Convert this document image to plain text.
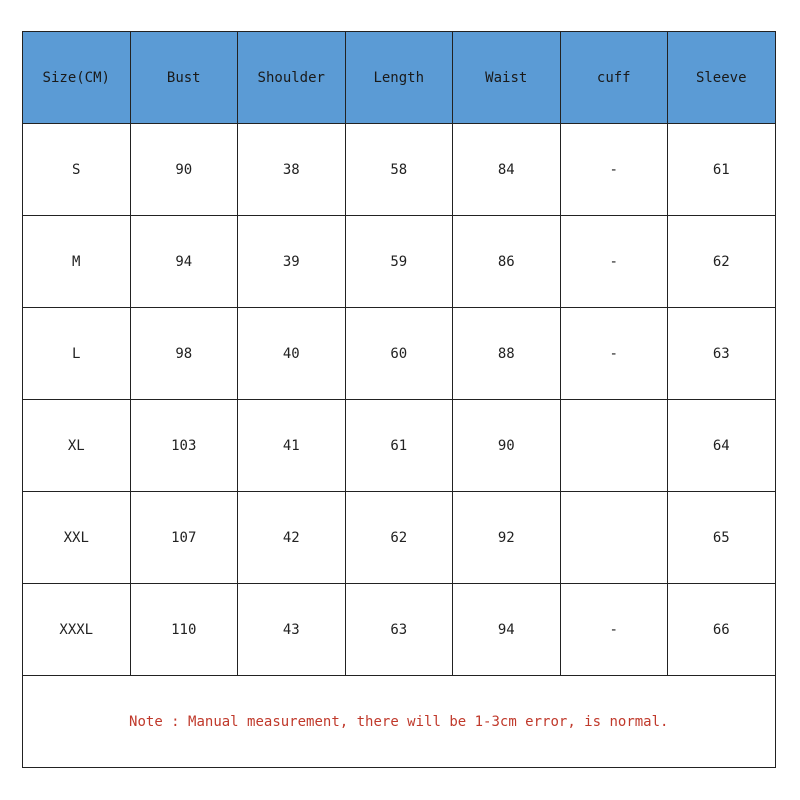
Size(CM)	Bust	Shoulder	Length	Waist	cuff	Sleeve
S	90	38	58	84	-	61
M	94	39	59	86	-	62
L	98	40	60	88	-	63
XL	103	41	61	90		64
XXL	107	42	62	92		65
XXXL	110	43	63	94	-	66
Note : Manual measurement, there will be 1-3cm error, is normal.						
